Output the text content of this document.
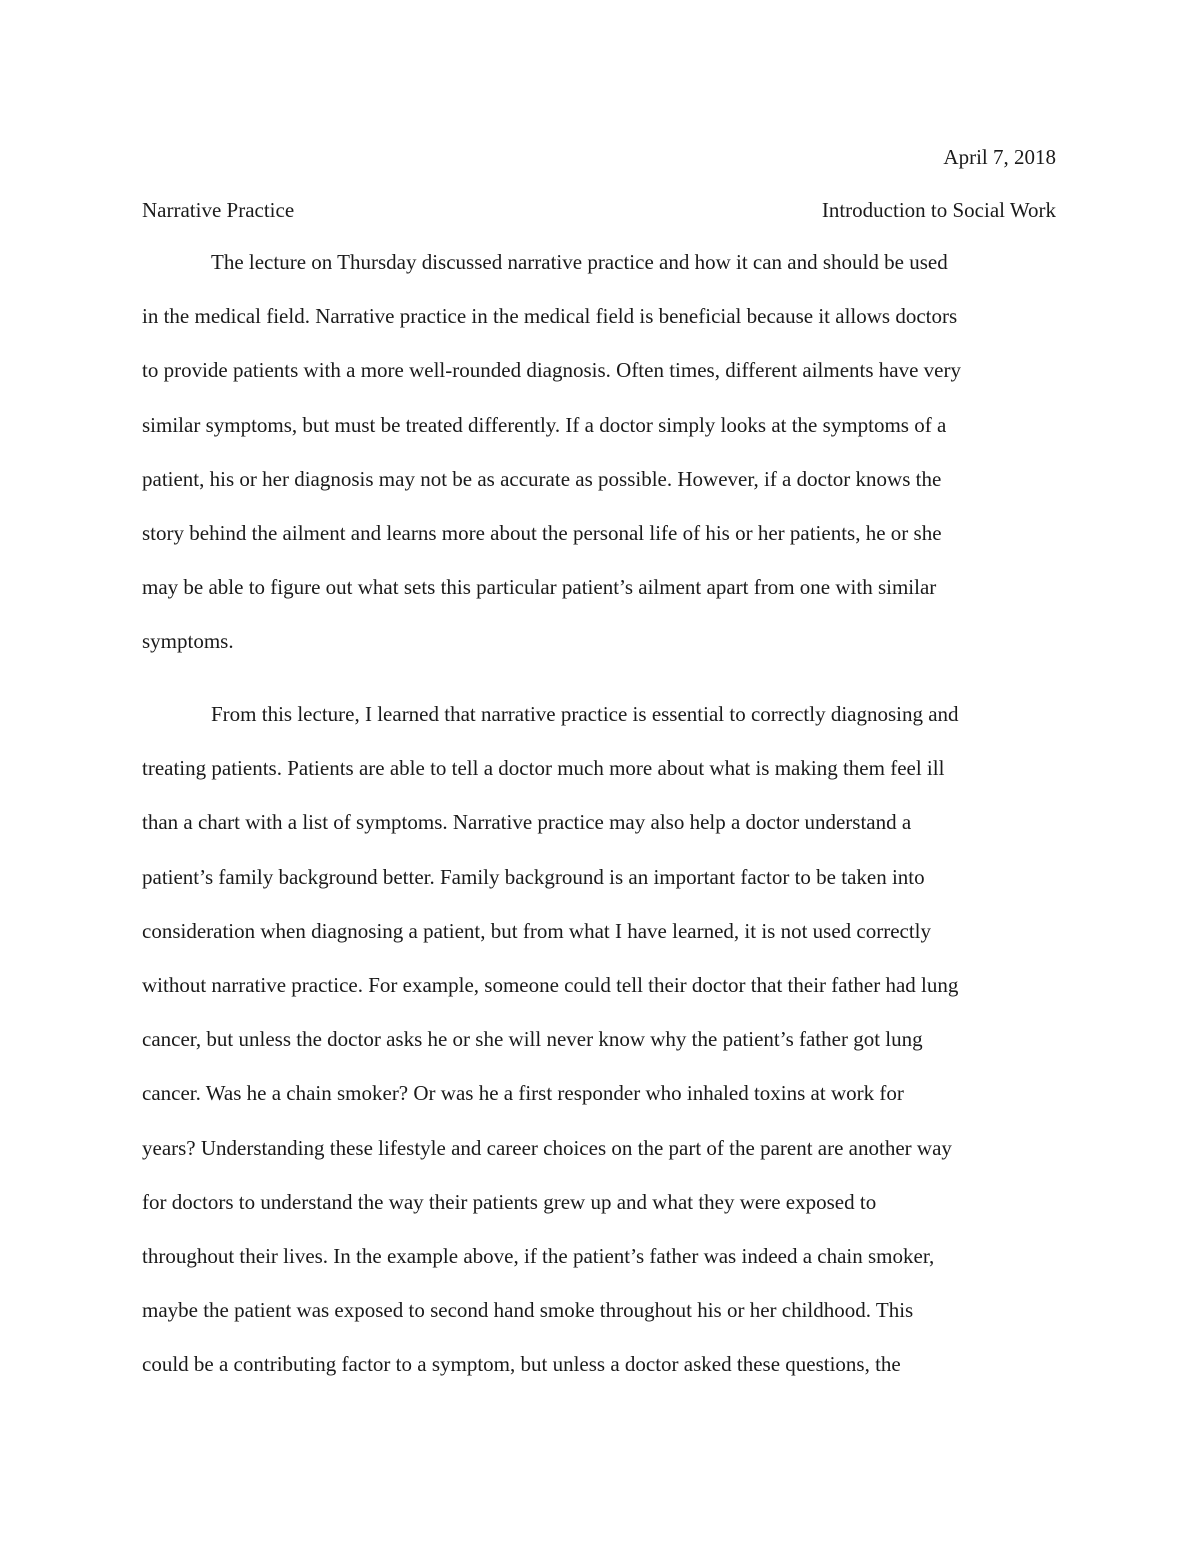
April 7, 2018
Narrative Practice	Introduction to Social Work
The lecture on Thursday discussed narrative practice and how it can and should be used
in the medical field. Narrative practice in the medical field is beneficial because it allows doctors
to provide patients with a more well-rounded diagnosis. Often times, different ailments have very
similar symptoms, but must be treated differently. If a doctor simply looks at the symptoms of a
patient, his or her diagnosis may not be as accurate as possible. However, if a doctor knows the
story behind the ailment and learns more about the personal life of his or her patients, he or she
may be able to figure out what sets this particular patient’s ailment apart from one with similar
symptoms.
From this lecture, I learned that narrative practice is essential to correctly diagnosing and
treating patients. Patients are able to tell a doctor much more about what is making them feel ill
than a chart with a list of symptoms. Narrative practice may also help a doctor understand a
patient’s family background better. Family background is an important factor to be taken into
consideration when diagnosing a patient, but from what I have learned, it is not used correctly
without narrative practice. For example, someone could tell their doctor that their father had lung
cancer, but unless the doctor asks he or she will never know why the patient’s father got lung
cancer. Was he a chain smoker? Or was he a first responder who inhaled toxins at work for
years? Understanding these lifestyle and career choices on the part of the parent are another way
for doctors to understand the way their patients grew up and what they were exposed to
throughout their lives. In the example above, if the patient’s father was indeed a chain smoker,
maybe the patient was exposed to second hand smoke throughout his or her childhood. This
could be a contributing factor to a symptom, but unless a doctor asked these questions, the
